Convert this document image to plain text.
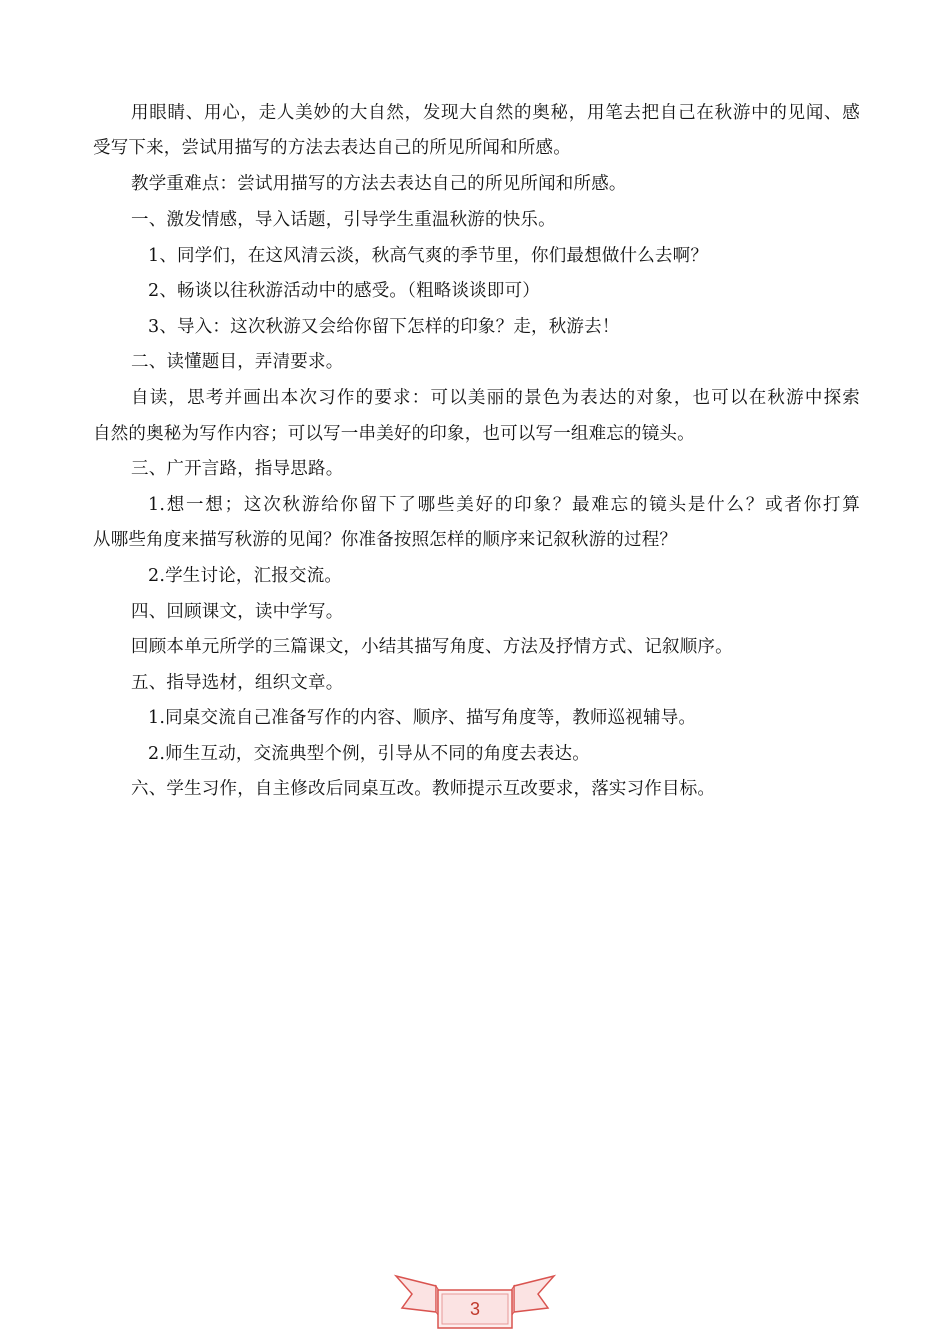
用眼睛、用心，走人美妙的大自然，发现大自然的奥秘，用笔去把自己在秋游中的见闻、感
受写下来，尝试用描写的方法去表达自己的所见所闻和所感。
教学重难点：尝试用描写的方法去表达自己的所见所闻和所感。
一、激发情感，导入话题，引导学生重温秋游的快乐。
1、同学们，在这风清云淡，秋高气爽的季节里，你们最想做什么去啊？
2、畅谈以往秋游活动中的感受。（粗略谈谈即可）
3、导入：这次秋游又会给你留下怎样的印象？走，秋游去！
二、读懂题目，弄清要求。
自读，思考并画出本次习作的要求：可以美丽的景色为表达的对象，也可以在秋游中探索
自然的奥秘为写作内容；可以写一串美好的印象，也可以写一组难忘的镜头。
三、广开言路，指导思路。
1.想一想；这次秋游给你留下了哪些美好的印象？最难忘的镜头是什么？或者你打算
从哪些角度来描写秋游的见闻？你准备按照怎样的顺序来记叙秋游的过程？
2.学生讨论，汇报交流。
四、回顾课文，读中学写。
回顾本单元所学的三篇课文，小结其描写角度、方法及抒情方式、记叙顺序。
五、指导选材，组织文章。
1.同桌交流自己准备写作的内容、顺序、描写角度等，教师巡视辅导。
2.师生互动，交流典型个例，引导从不同的角度去表达。
六、学生习作，自主修改后同桌互改。教师提示互改要求，落实习作目标。
3
